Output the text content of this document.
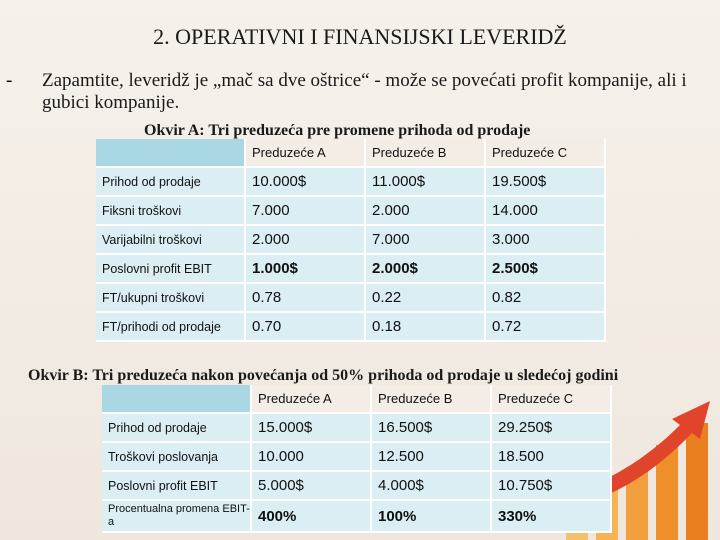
2. OPERATIVNI I FINANSIJSKI LEVERIDŽ
- Zapamtite, leveridž je „mač sa dve oštrice“ - može se povećati profit kompanije, ali i gubici kompanije.
Okvir A: Tri preduzeća pre promene prihoda od prodaje
	Preduzeće A	Preduzeće B	Preduzeće C
Prihod od prodaje	10.000$	11.000$	19.500$
Fiksni troškovi	7.000	2.000	14.000
Varijabilni troškovi	2.000	7.000	3.000
Poslovni profit EBIT	1.000$	2.000$	2.500$
FT/ukupni troškovi	0.78	0.22	0.82
FT/prihodi od prodaje	0.70	0.18	0.72
Okvir B: Tri preduzeća nakon povećanja od 50% prihoda od prodaje u sledećoj godini
	Preduzeće A	Preduzeće B	Preduzeće C
Prihod od prodaje	15.000$	16.500$	29.250$
Troškovi poslovanja	10.000	12.500	18.500
Poslovni profit EBIT	5.000$	4.000$	10.750$
Procentualna promena EBIT-a	400%	100%	330%
